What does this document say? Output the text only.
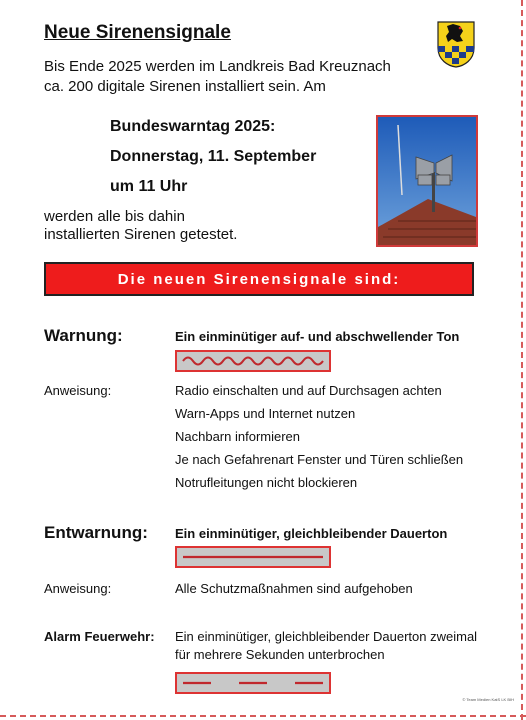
Neue Sirenensignale
Bis Ende 2025 werden im Landkreis Bad Kreuznach
ca. 200 digitale Sirenen installiert sein. Am
Bundeswarntag 2025:
Donnerstag, 11. September
um 11 Uhr
werden alle bis dahin
installierten Sirenen getestet.
Die neuen Sirenensignale sind:
Warnung:	Ein einminütiger auf- und abschwellender Ton
Anweisung:	Radio einschalten und auf Durchsagen achten
Warn-Apps und Internet nutzen
Nachbarn informieren
Je nach Gefahrenart Fenster und Türen schließen
Notrufleitungen nicht blockieren
Entwarnung: Ein einminütiger, gleichbleibender Dauerton
Anweisung:	Alle Schutzmaßnahmen sind aufgehoben
Alarm Feuerwehr: Ein einminütiger, gleichbleibender Dauerton zweimal
für mehrere Sekunden unterbrochen
© Team Medien KatS LK BIH
